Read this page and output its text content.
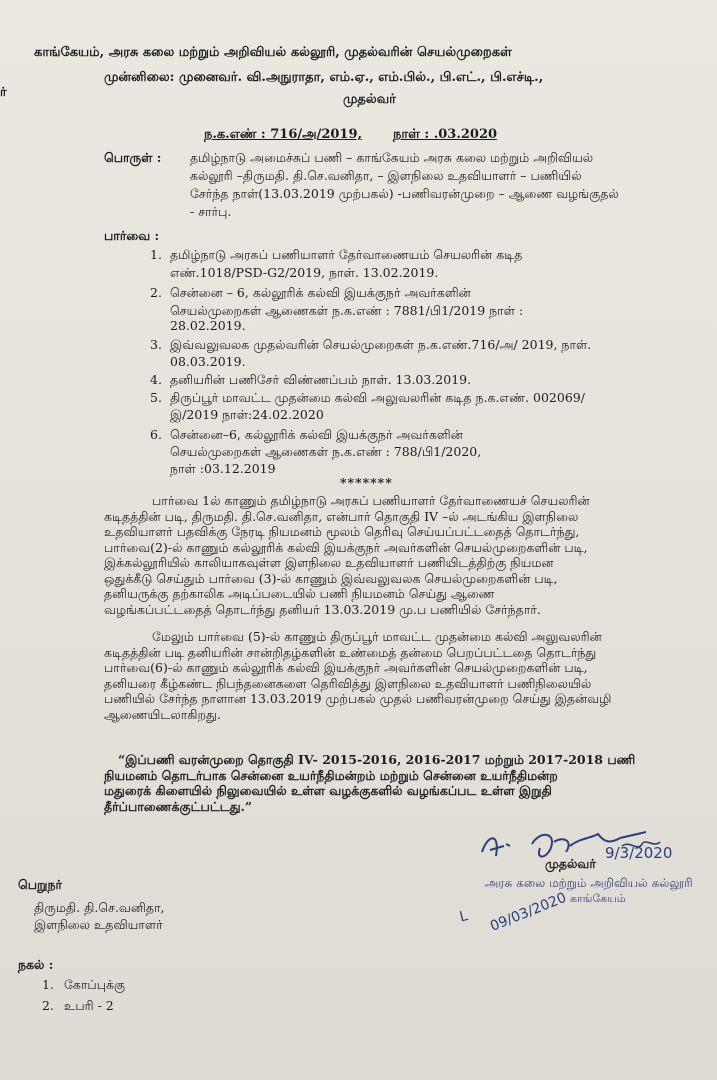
காங்கேயம், அரசு கலை மற்றும் அறிவியல் கல்லூரி, முதல்வரின் செயல்முறைகள்
ர்
முன்னிலை: முனைவர். வி.அநுராதா, எம்.ஏ., எம்.பில்., பி.எட்., பி.எச்டி.,
முதல்வர்
ந.க.எண் : 716/அ/2019, நாள் : .03.2020
பொருள் : தமிழ்நாடு அமைச்சுப் பணி – காங்கேயம் அரசு கலை மற்றும் அறிவியல்
கல்லூரி –திருமதி. தி.செ.வனிதா, – இளநிலை உதவியாளர் – பணியில்
சேர்ந்த நாள்(13.03.2019 முற்பகல்) -பணிவரன்முறை – ஆணை வழங்குதல்
- சார்பு.
பார்வை :
1. தமிழ்நாடு அரசுப் பணியாளர் தேர்வாணையம் செயலரின் கடித
எண்.1018/PSD-G2/2019, நாள். 13.02.2019.
2. சென்னை – 6, கல்லூரிக் கல்வி இயக்குநர் அவர்களின்
செயல்முறைகள் ஆணைகள் ந.க.எண் : 7881/பி1/2019 நாள் :
28.02.2019.
3. இவ்வலுவலக முதல்வரின் செயல்முறைகள் ந.க.எண்.716/அ/ 2019, நாள்.
08.03.2019.
4. தனியரின் பணிசேர் விண்ணப்பம் நாள். 13.03.2019.
5. திருப்பூர் மாவட்ட முதன்மை கல்வி அலுவலரின் கடித ந.க.எண். 002069/
இ/2019 நாள்:24.02.2020
6. சென்னை–6, கல்லூரிக் கல்வி இயக்குநர் அவர்களின்
செயல்முறைகள் ஆணைகள் ந.க.எண் : 788/பி1/2020,
நாள் :03.12.2019
*******

பார்வை 1ல் காணும் தமிழ்நாடு அரசுப் பணியாளர் தேர்வாணையச் செயலரின்

கடிதத்தின் படி, திருமதி. தி.செ.வனிதா, என்பார் தொகுதி IV –ல் அடங்கிய இளநிலை

உதவியாளர் பதவிக்கு நேரடி நியமனம் மூலம் தெரிவு செய்யப்பட்டதைத் தொடர்ந்து,

பார்வை(2)-ல் காணும் கல்லூரிக் கல்வி இயக்குநர் அவர்களின் செயல்முறைகளின் படி,

இக்கல்லூரியில் காலியாகவுள்ள இளநிலை உதவியாளர் பணியிடத்திற்கு நியமன

ஒதுக்கீடு செய்தும் பார்வை (3)-ல் காணும் இவ்வலுவலக செயல்முறைகளின் படி,

தனியருக்கு தற்காலிக அடிப்படையில் பணி நியமனம் செய்து ஆணை

வழங்கப்பட்டதைத் தொடர்ந்து தனியர் 13.03.2019 மு.ப பணியில் சேர்ந்தார்.

மேலும் பார்வை (5)-ல் காணும் திருப்பூர் மாவட்ட முதன்மை கல்வி அலுவலரின்

கடிதத்தின் படி தனியரின் சான்றிதழ்களின் உண்மைத் தன்மை பெறப்பட்டதை தொடர்ந்து

பார்வை(6)-ல் காணும் கல்லூரிக் கல்வி இயக்குநர் அவர்களின் செயல்முறைகளின் படி,

தனியரை கீழ்கண்ட நிபந்தனைகளை தெரிவித்து இளநிலை உதவியாளர் பணிநிலையில்

பணியில் சேர்ந்த நாளான 13.03.2019 முற்பகல் முதல் பணிவரன்முறை செய்து இதன்வழி

ஆணையிடலாகிறது.

“இப்பணி வரன்முறை தொகுதி IV- 2015-2016, 2016-2017 மற்றும் 2017-2018 பணி

நியமனம் தொடர்பாக சென்னை உயர்நீதிமன்றம் மற்றும் சென்னை உயர்நீதிமன்ற

மதுரைக் கிளையில் நிலுவையில் உள்ள வழக்குகளில் வழங்கப்பட உள்ள இறுதி

தீர்ப்பாணைக்குட்பட்டது.”

9/3/2020
முதல்வர்
அரசு கலை மற்றும் அறிவியல் கல்லூரி
காங்கேயம்
L 09/03/2020
பெறுநர்
திருமதி. தி.செ.வனிதா,
இளநிலை உதவியாளர்
நகல் :
1. கோப்புக்கு
2. உபரி - 2
